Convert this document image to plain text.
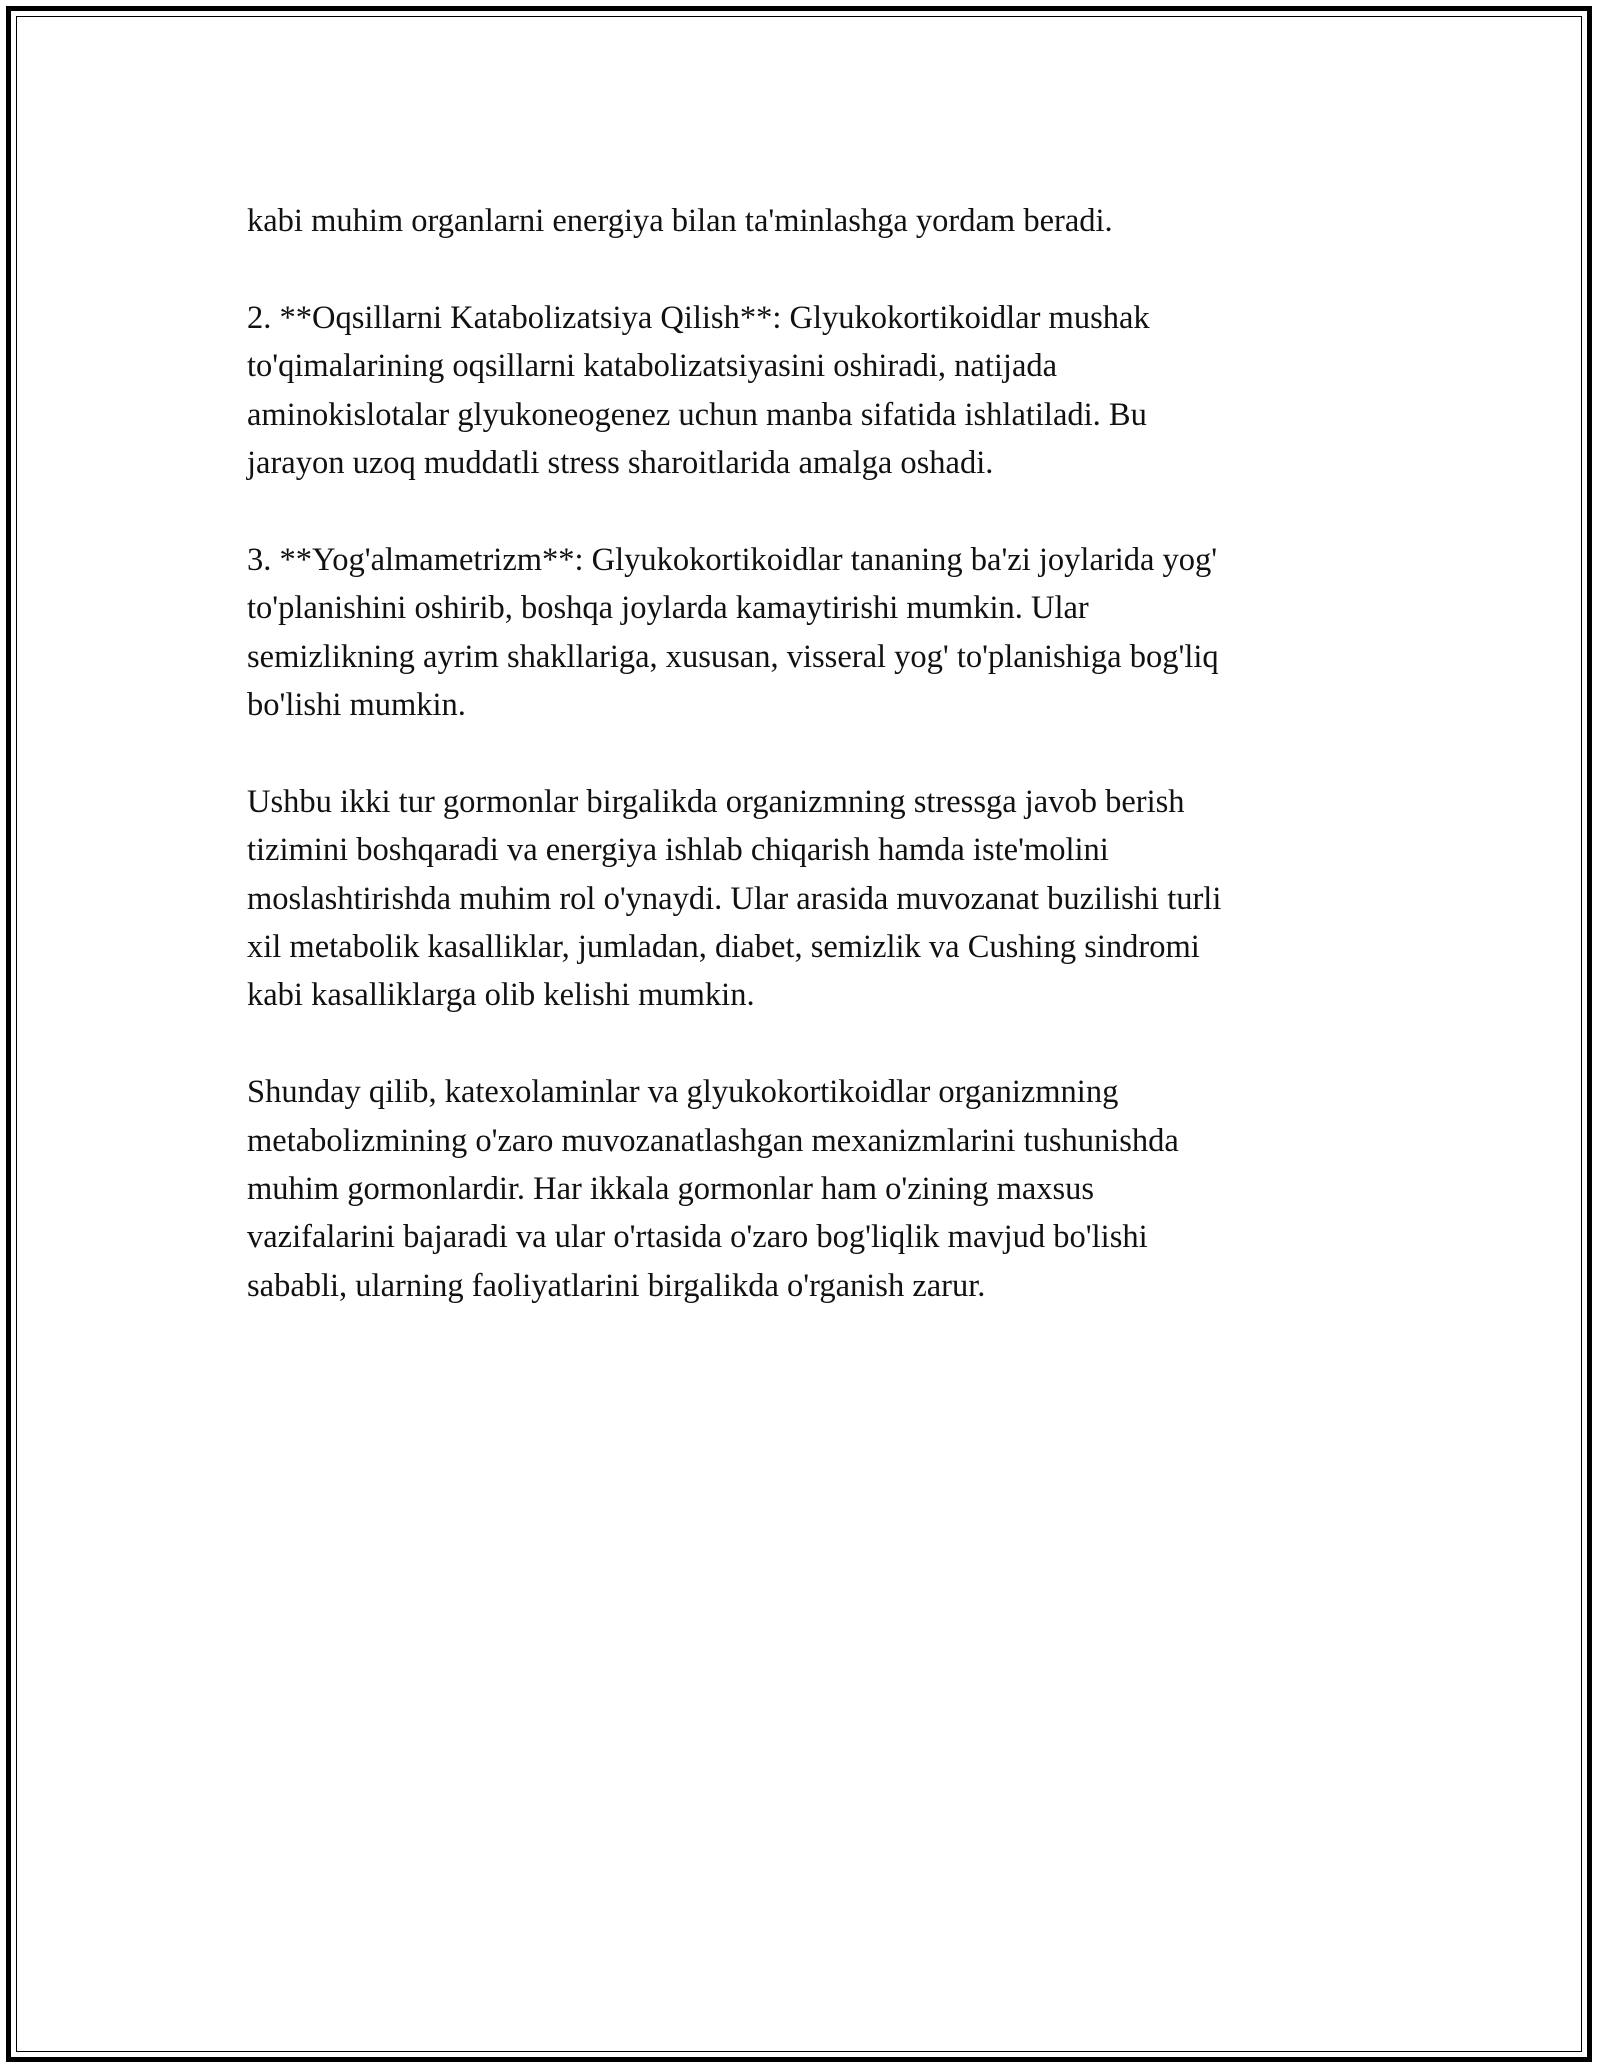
kabi muhim organlarni energiya bilan ta'minlashga yordam beradi.

2. **Oqsillarni Katabolizatsiya Qilish**: Glyukokortikoidlar mushak
to'qimalarining oqsillarni katabolizatsiyasini oshiradi, natijada
aminokislotalar glyukoneogenez uchun manba sifatida ishlatiladi. Bu
jarayon uzoq muddatli stress sharoitlarida amalga oshadi.

3. **Yog'almametrizm**: Glyukokortikoidlar tananing ba'zi joylarida yog'
to'planishini oshirib, boshqa joylarda kamaytirishi mumkin. Ular
semizlikning ayrim shakllariga, xususan, visseral yog' to'planishiga bog'liq
bo'lishi mumkin.

Ushbu ikki tur gormonlar birgalikda organizmning stressga javob berish
tizimini boshqaradi va energiya ishlab chiqarish hamda iste'molini
moslashtirishda muhim rol o'ynaydi. Ular arasida muvozanat buzilishi turli
xil metabolik kasalliklar, jumladan, diabet, semizlik va Cushing sindromi
kabi kasalliklarga olib kelishi mumkin.

Shunday qilib, katexolaminlar va glyukokortikoidlar organizmning
metabolizmining o'zaro muvozanatlashgan mexanizmlarini tushunishda
muhim gormonlardir. Har ikkala gormonlar ham o'zining maxsus
vazifalarini bajaradi va ular o'rtasida o'zaro bog'liqlik mavjud bo'lishi
sababli, ularning faoliyatlarini birgalikda o'rganish zarur.
